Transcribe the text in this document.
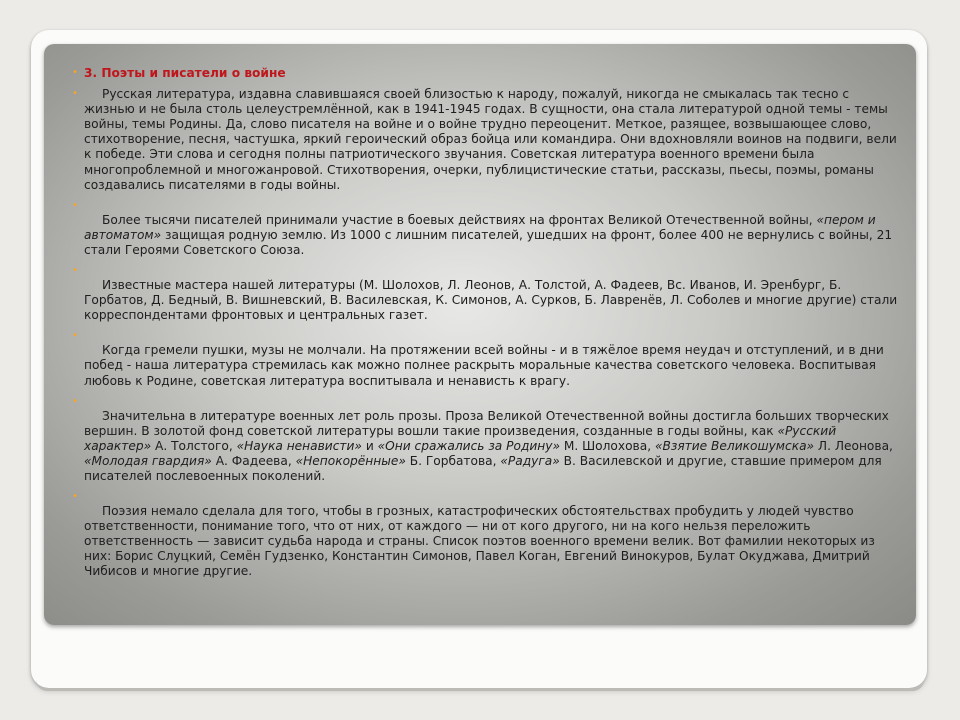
• 3. Поэты и писатели о войне
•	Русская литература, издавна славившаяся своей близостью к народу, пожалуй, никогда не смыкалась так тесно с жизнью и не была столь целеустремлённой, как в 1941-1945 годах. В сущности, она стала литературой одной темы - темы войны, темы Родины. Да, слово писателя на войне и о войне трудно переоценит. Меткое, разящее, возвышающее слово, стихотворение, песня, частушка, яркий героический образ бойца или командира. Они вдохновляли воинов на подвиги, вели к победе. Эти слова и сегодня полны патриотического звучания. Советская литература военного времени была многопроблемной и многожанровой. Стихотворения, очерки, публицистические статьи, рассказы, пьесы, поэмы, романы создавались писателями в годы войны.
•
Более тысячи писателей принимали участие в боевых действиях на фронтах Великой Отечественной войны, «пером и автоматом» защищая родную землю. Из 1000 с лишним писателей, ушедших на фронт, более 400 не вернулись с войны, 21 стали Героями Советского Союза.
•
Известные мастера нашей литературы (М. Шолохов, Л. Леонов, А. Толстой, А. Фадеев, Вс. Иванов, И. Эренбург, Б. Горбатов, Д. Бедный, В. Вишневский, В. Василевская, К. Симонов, А. Сурков, Б. Лавренёв, Л. Соболев и многие другие) стали корреспондентами фронтовых и центральных газет.
•
Когда гремели пушки, музы не молчали. На протяжении всей войны - и в тяжёлое время неудач и отступлений, и в дни побед - наша литература стремилась как можно полнее раскрыть моральные качества советского человека. Воспитывая любовь к Родине, советская литература воспитывала и ненависть к врагу.
•
Значительна в литературе военных лет роль прозы. Проза Великой Отечественной войны достигла больших творческих вершин. В золотой фонд советской литературы вошли такие произведения, созданные в годы войны, как «Русский характер» А. Толстого, «Наука ненависти» и «Они сражались за Родину» М. Шолохова, «Взятие Великошумска» Л. Леонова, «Молодая гвардия» А. Фадеева, «Непокорённые» Б. Горбатова, «Радуга» В. Василевской и другие, ставшие примером для писателей послевоенных поколений.
•
Поэзия немало сделала для того, чтобы в грозных, катастрофических обстоятельствах пробудить у людей чувство ответственности, понимание того, что от них, от каждого — ни от кого другого, ни на кого нельзя переложить ответственность — зависит судьба народа и страны. Список поэтов военного времени велик. Вот фамилии некоторых из них: Борис Слуцкий, Семён Гудзенко, Константин Симонов, Павел Коган, Евгений Винокуров, Булат Окуджава, Дмитрий Чибисов и многие другие.
